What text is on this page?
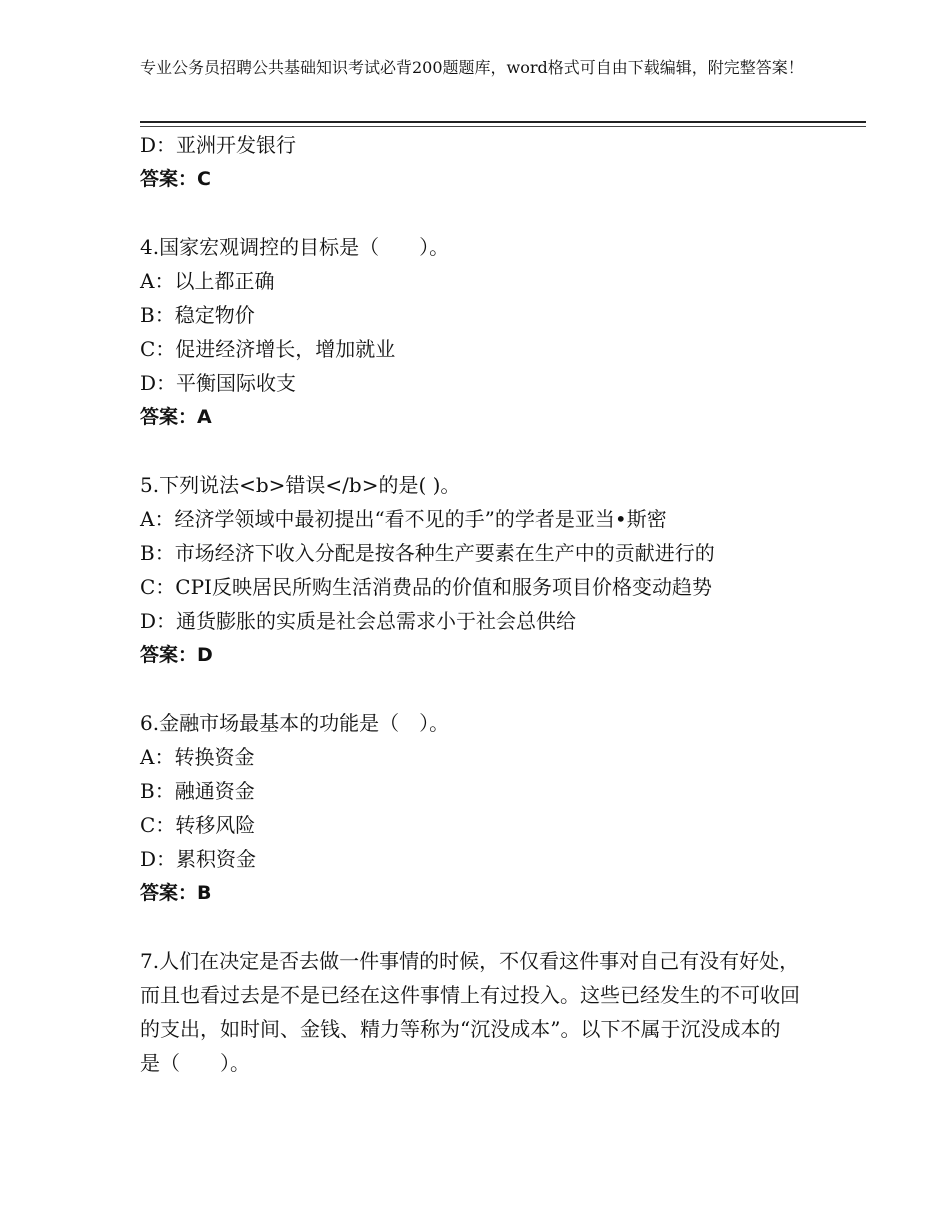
专业公务员招聘公共基础知识考试必背200题题库，word格式可自由下载编辑，附完整答案！
D：亚洲开发银行
答案：C
4.国家宏观调控的目标是（　　）。
A：以上都正确
B：稳定物价
C：促进经济增长，增加就业
D：平衡国际收支
答案：A
5.下列说法<b>错误</b>的是( )。
A：经济学领域中最初提出“看不见的手”的学者是亚当•斯密
B：市场经济下收入分配是按各种生产要素在生产中的贡献进行的
C：CPI反映居民所购生活消费品的价值和服务项目价格变动趋势
D：通货膨胀的实质是社会总需求小于社会总供给
答案：D
6.金融市场最基本的功能是（　）。
A：转换资金
B：融通资金
C：转移风险
D：累积资金
答案：B
7.人们在决定是否去做一件事情的时候，不仅看这件事对自己有没有好处，而且也看过去是不是已经在这件事情上有过投入。这些已经发生的不可收回的支出，如时间、金钱、精力等称为“沉没成本”。以下不属于沉没成本的是（　　）。
